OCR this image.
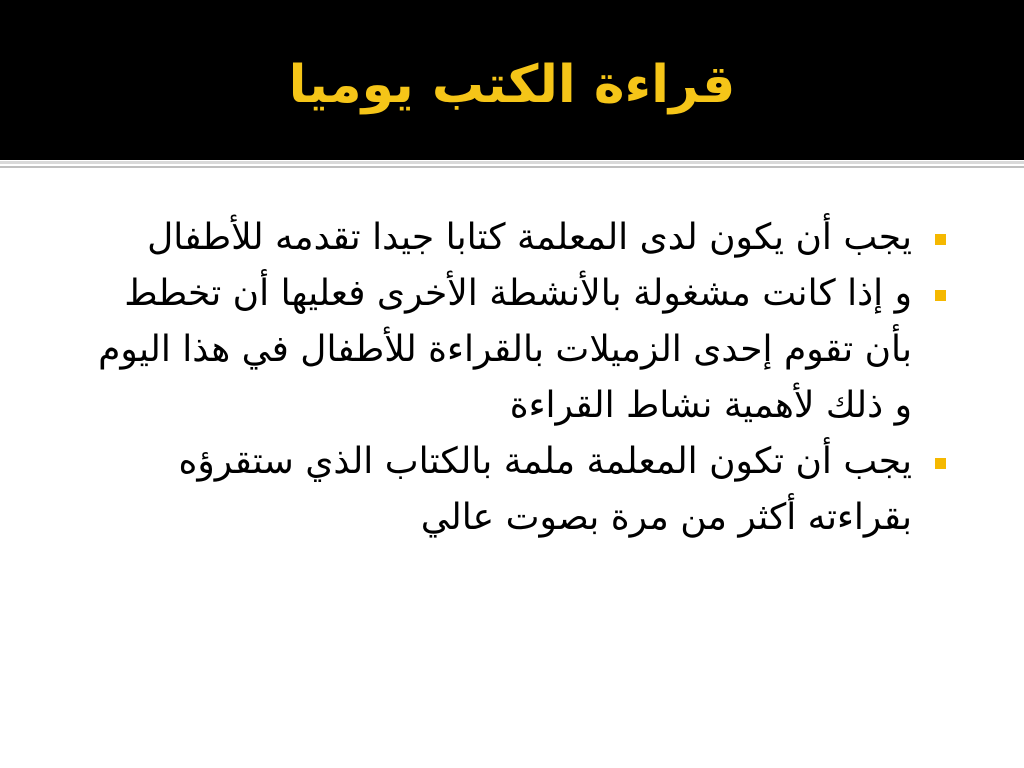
قراءة الكتب يوميا
يجب أن يكون لدى المعلمة كتابا جيدا تقدمه للأطفال
و إذا كانت مشغولة بالأنشطة الأخرى فعليها أن تخطط بأن تقوم إحدى الزميلات بالقراءة للأطفال في هذا اليوم و ذلك لأهمية نشاط القراءة
يجب أن تكون المعلمة ملمة بالكتاب الذي ستقرؤه بقراءته أكثر من مرة بصوت عالي
